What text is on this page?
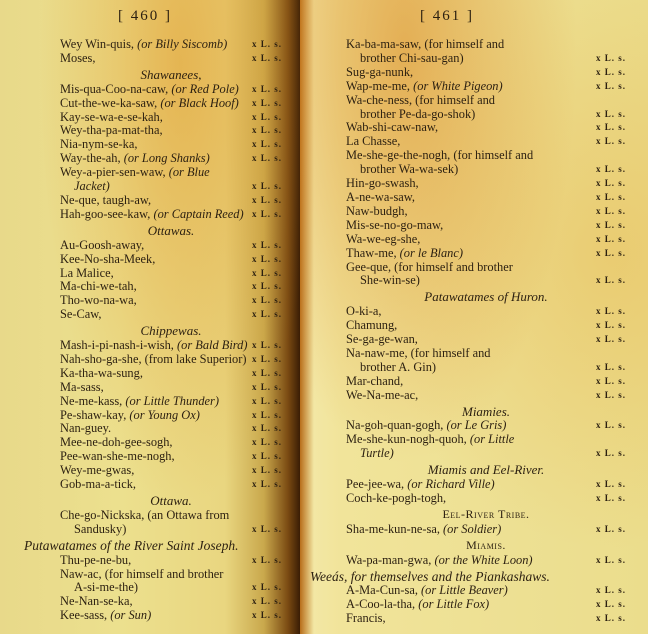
[ 460 ]
Wey Win-quis, (or Billy Siscomb)	x L. s.
Moses,	x L. s.
Shawanees,
Mis-qua-Coo-na-caw, (or Red Pole) x L. s.
Cut-the-we-ka-saw, (or Black Hoof) x L. s.
Kay-se-wa-e-se-kah,	x L. s.
Wey-tha-pa-mat-tha,	x L. s.
Nia-nym-se-ka,	x L. s.
Way-the-ah, (or Long Shanks)	x L. s.
Wey-a-pier-sen-waw, (or Blue
Jacket)	x L. s.
Ne-que, taugh-aw,	x L. s.
Hah-goo-see-kaw, (or Captain Reed) x L. s.
Ottawas.
Au-Goosh-away,	x L. s.
Kee-No-sha-Meek,	x L. s.
La Malice,	x L. s.
Ma-chi-we-tah,	x L. s.
Tho-wo-na-wa,	x L. s.
Se-Caw,	x L. s.
Chippewas.
Mash-i-pi-nash-i-wish, (or Bald Bird) x L. s.
Nah-sho-ga-she, (from lake Superior) x L. s.
Ka-tha-wa-sung,	x L. s.
Ma-sass,	x L. s.
Ne-me-kass, (or Little Thunder)	x L. s.
Pe-shaw-kay, (or Young Ox)	x L. s.
Nan-guey.	x L. s.
Mee-ne-doh-gee-sogh,	x L. s.
Pee-wan-she-me-nogh,	x L. s.
Wey-me-gwas,	x L. s.
Gob-ma-a-tick,	x L. s.
Ottawa.
Che-go-Nickska, (an Ottawa from
Sandusky)	x L. s.
Putawatames of the River Saint Joseph.
Thu-pe-ne-bu,	x L. s.
Naw-ac, (for himself and brother
A-si-me-the)	x L. s.
Ne-Nan-se-ka,	x L. s.
Kee-sass, (or Sun)	x L. s.
[ 461 ]
Ka-ba-ma-saw, (for himself and
brother Chi-sau-gan)	x L. s.
Sug-ga-nunk,	x L. s.
Wap-me-me, (or White Pigeon)	x L. s.
Wa-che-ness, (for himself and
brother Pe-da-go-shok)	x L. s.
Wab-shi-caw-naw,	x L. s.
La Chasse,	x L. s.
Me-she-ge-the-nogh, (for himself and
brother Wa-wa-sek)	x L. s.
Hin-go-swash,	x L. s.
A-ne-wa-saw,	x L. s.
Naw-budgh,	x L. s.
Mis-se-no-go-maw,	x L. s.
Wa-we-eg-she,	x L. s.
Thaw-me, (or le Blanc)	x L. s.
Gee-que, (for himself and brother
She-win-se)	x L. s.
Patawatames of Huron.
O-ki-a,	x L. s.
Chamung,	x L. s.
Se-ga-ge-wan,	x L. s.
Na-naw-me, (for himself and
brother A. Gin)	x L. s.
Mar-chand,	x L. s.
We-Na-me-ac,	x L. s.
Miamies.
Na-goh-quan-gogh, (or Le Gris)	x L. s.
Me-she-kun-nogh-quoh, (or Little
Turtle)	x L. s.
Miamis and Eel-River.
Pee-jee-wa, (or Richard Ville)	x L. s.
Coch-ke-pogh-togh,	x L. s.
Eel-River Tribe.
Sha-me-kun-ne-sa, (or Soldier)	x L. s.
Miamis.
Wa-pa-man-gwa, (or the White Loon)	x L. s.
Weeás, for themselves and the Piankashaws.
A-Ma-Cun-sa, (or Little Beaver)	x L. s.
A-Coo-la-tha, (or Little Fox)	x L. s.
Francis,	x L. s.
